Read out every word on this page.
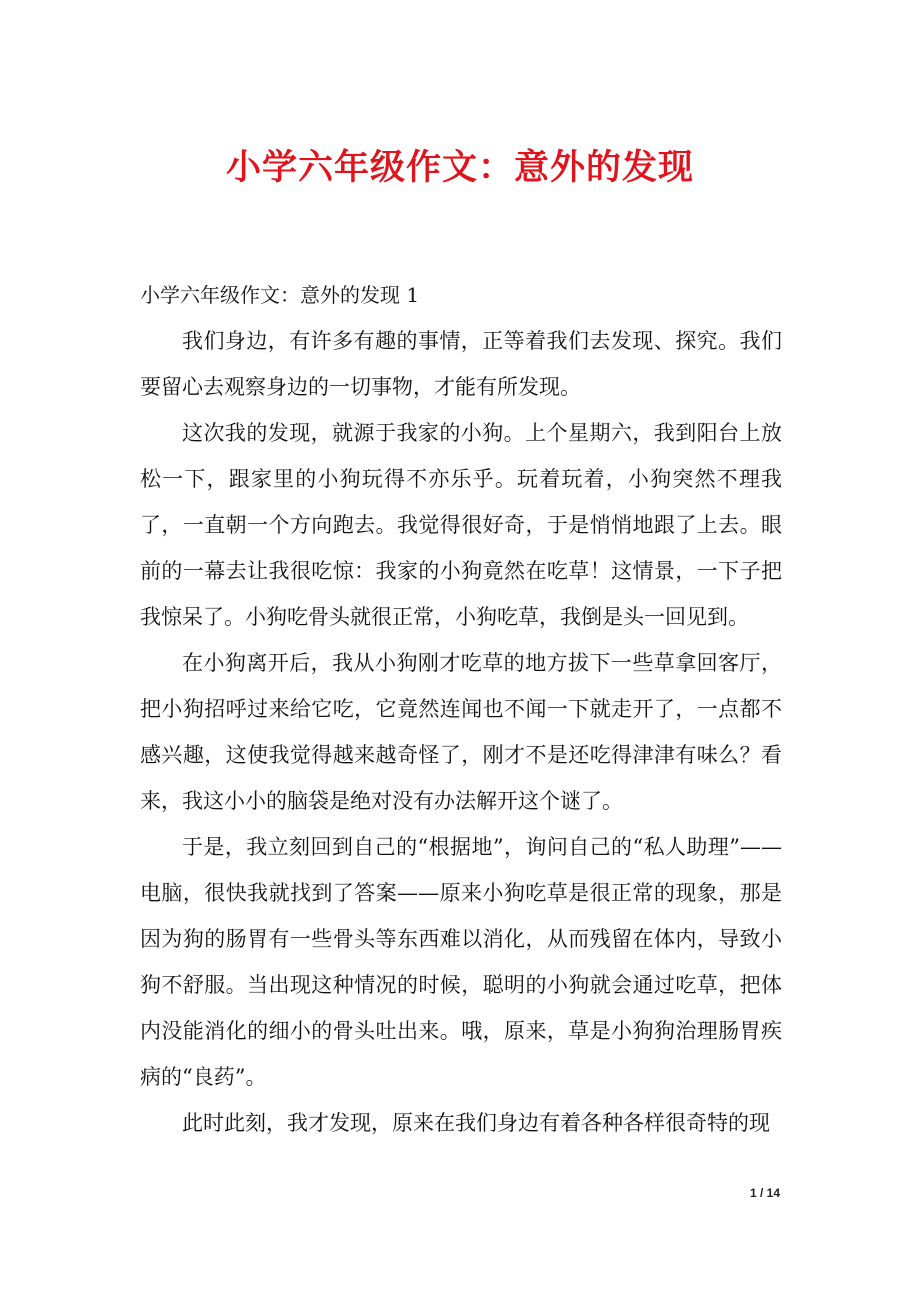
小学六年级作文：意外的发现

小学六年级作文：意外的发现 1

我们身边，有许多有趣的事情，正等着我们去发现、探究。我们要留心去观察身边的一切事物，才能有所发现。

这次我的发现，就源于我家的小狗。上个星期六，我到阳台上放松一下，跟家里的小狗玩得不亦乐乎。玩着玩着，小狗突然不理我了，一直朝一个方向跑去。我觉得很好奇，于是悄悄地跟了上去。眼前的一幕去让我很吃惊：我家的小狗竟然在吃草！这情景，一下子把我惊呆了。小狗吃骨头就很正常，小狗吃草，我倒是头一回见到。

在小狗离开后，我从小狗刚才吃草的地方拔下一些草拿回客厅，把小狗招呼过来给它吃，它竟然连闻也不闻一下就走开了，一点都不感兴趣，这使我觉得越来越奇怪了，刚才不是还吃得津津有味么？看来，我这小小的脑袋是绝对没有办法解开这个谜了。

于是，我立刻回到自己的“根据地”，询问自己的“私人助理”——电脑，很快我就找到了答案——原来小狗吃草是很正常的现象，那是因为狗的肠胃有一些骨头等东西难以消化，从而残留在体内，导致小狗不舒服。当出现这种情况的时候，聪明的小狗就会通过吃草，把体内没能消化的细小的骨头吐出来。哦，原来，草是小狗狗治理肠胃疾病的“良药”。

此时此刻，我才发现，原来在我们身边有着各种各样很奇特的现

1 / 14
